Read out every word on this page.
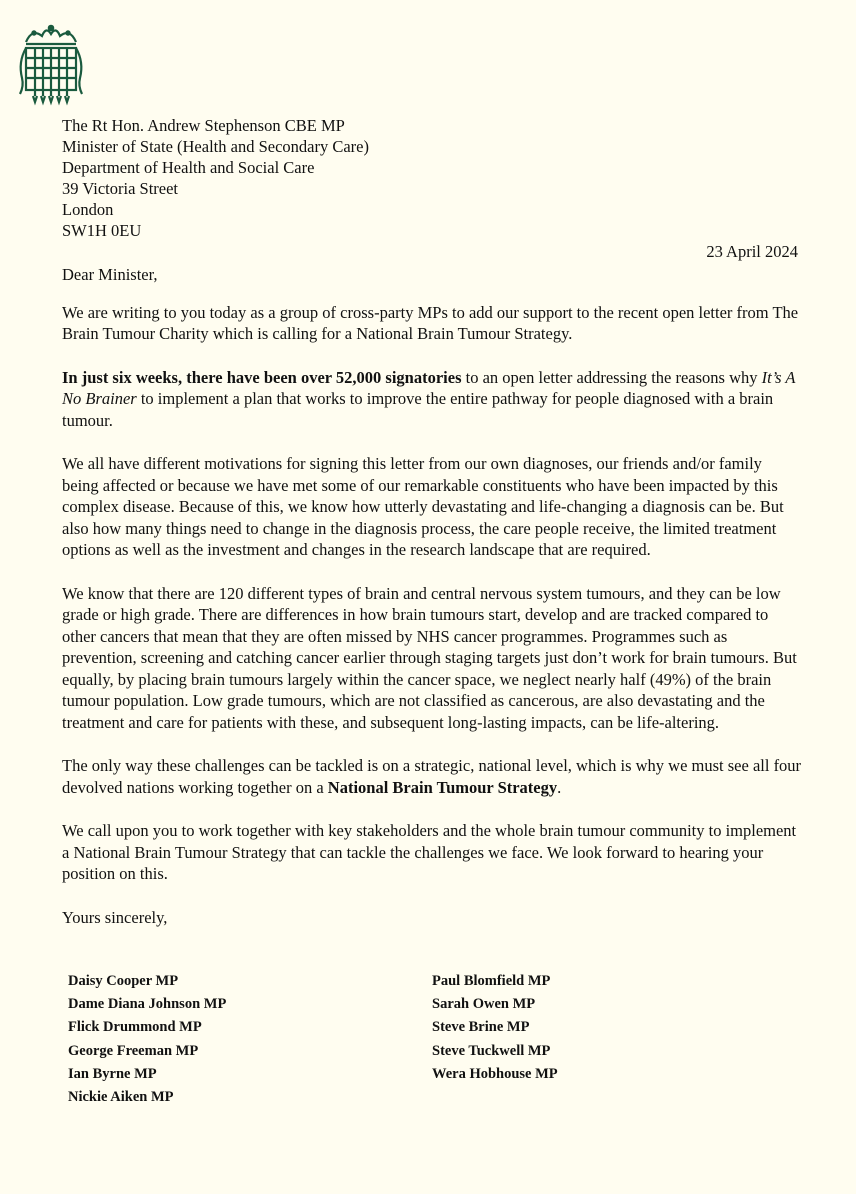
The Rt Hon. Andrew Stephenson CBE MP
Minister of State (Health and Secondary Care)
Department of Health and Social Care
39 Victoria Street
London
SW1H 0EU
23 April 2024

Dear Minister,

We are writing to you today as a group of cross-party MPs to add our support to the recent open letter from The Brain Tumour Charity which is calling for a National Brain Tumour Strategy.

In just six weeks, there have been over 52,000 signatories to an open letter addressing the reasons why It’s A No Brainer to implement a plan that works to improve the entire pathway for people diagnosed with a brain tumour.

We all have different motivations for signing this letter from our own diagnoses, our friends and/or family being affected or because we have met some of our remarkable constituents who have been impacted by this complex disease. Because of this, we know how utterly devastating and life-changing a diagnosis can be. But also how many things need to change in the diagnosis process, the care people receive, the limited treatment options as well as the investment and changes in the research landscape that are required.

We know that there are 120 different types of brain and central nervous system tumours, and they can be low grade or high grade. There are differences in how brain tumours start, develop and are tracked compared to other cancers that mean that they are often missed by NHS cancer programmes. Programmes such as prevention, screening and catching cancer earlier through staging targets just don’t work for brain tumours. But equally, by placing brain tumours largely within the cancer space, we neglect nearly half (49%) of the brain tumour population. Low grade tumours, which are not classified as cancerous, are also devastating and the treatment and care for patients with these, and subsequent long-lasting impacts, can be life-altering.

The only way these challenges can be tackled is on a strategic, national level, which is why we must see all four devolved nations working together on a National Brain Tumour Strategy.

We call upon you to work together with key stakeholders and the whole brain tumour community to implement a National Brain Tumour Strategy that can tackle the challenges we face. We look forward to hearing your position on this.

Yours sincerely,

Daisy Cooper MP
Dame Diana Johnson MP
Flick Drummond MP
George Freeman MP
Ian Byrne MP
Nickie Aiken MP
Paul Blomfield MP
Sarah Owen MP
Steve Brine MP
Steve Tuckwell MP
Wera Hobhouse MP
